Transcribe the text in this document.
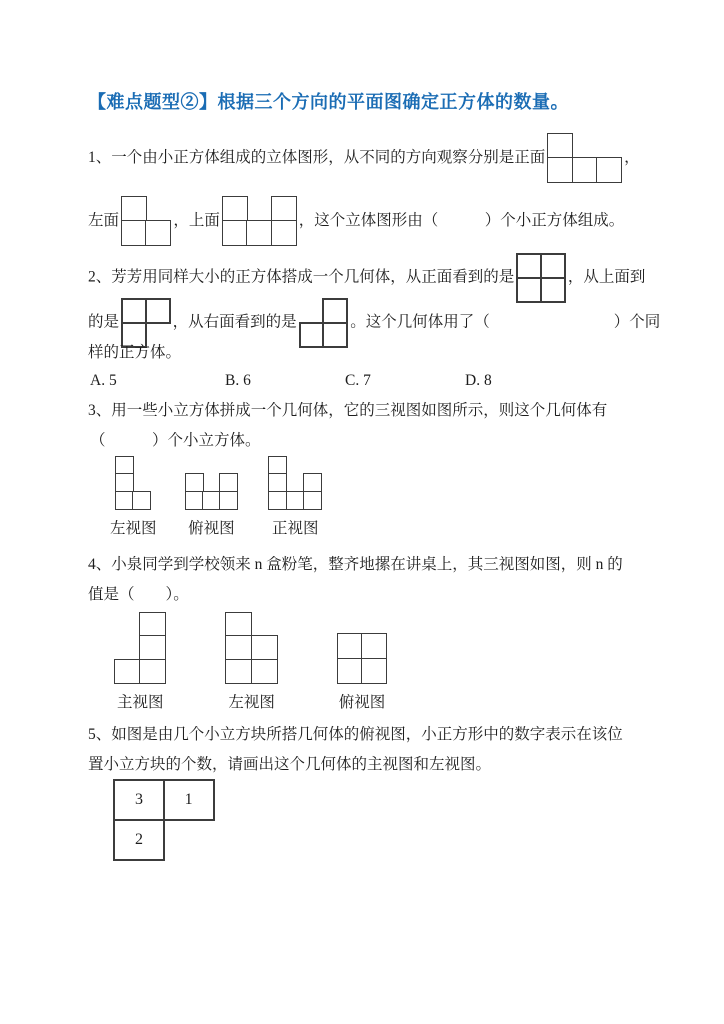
【难点题型②】根据三个方向的平面图确定正方体的数量。
1、一个由小正方体组成的立体图形，从不同的方向观察分别是正面	，
左面	，上面	，这个立体图形由（　　　）个小正方体组成。
2、芳芳用同样大小的正方体搭成一个几何体，从正面看到的是	，从上面到
的是	，从右面看到的是	。这个几何体用了（　　　　　　　　）个同
样的正方体。
A. 5	B. 6	C. 7	D. 8
3、用一些小立方体拼成一个几何体，它的三视图如图所示，则这个几何体有
（　　　）个小立方体。
左视图 俯视图 正视图
4、小泉同学到学校领来 n 盒粉笔，整齐地摞在讲桌上，其三视图如图，则 n 的
值是（　　）。
主视图	左视图	俯视图
5、如图是由几个小立方块所搭几何体的俯视图，小正方形中的数字表示在该位
置小立方块的个数，请画出这个几何体的主视图和左视图。
3	1
2
